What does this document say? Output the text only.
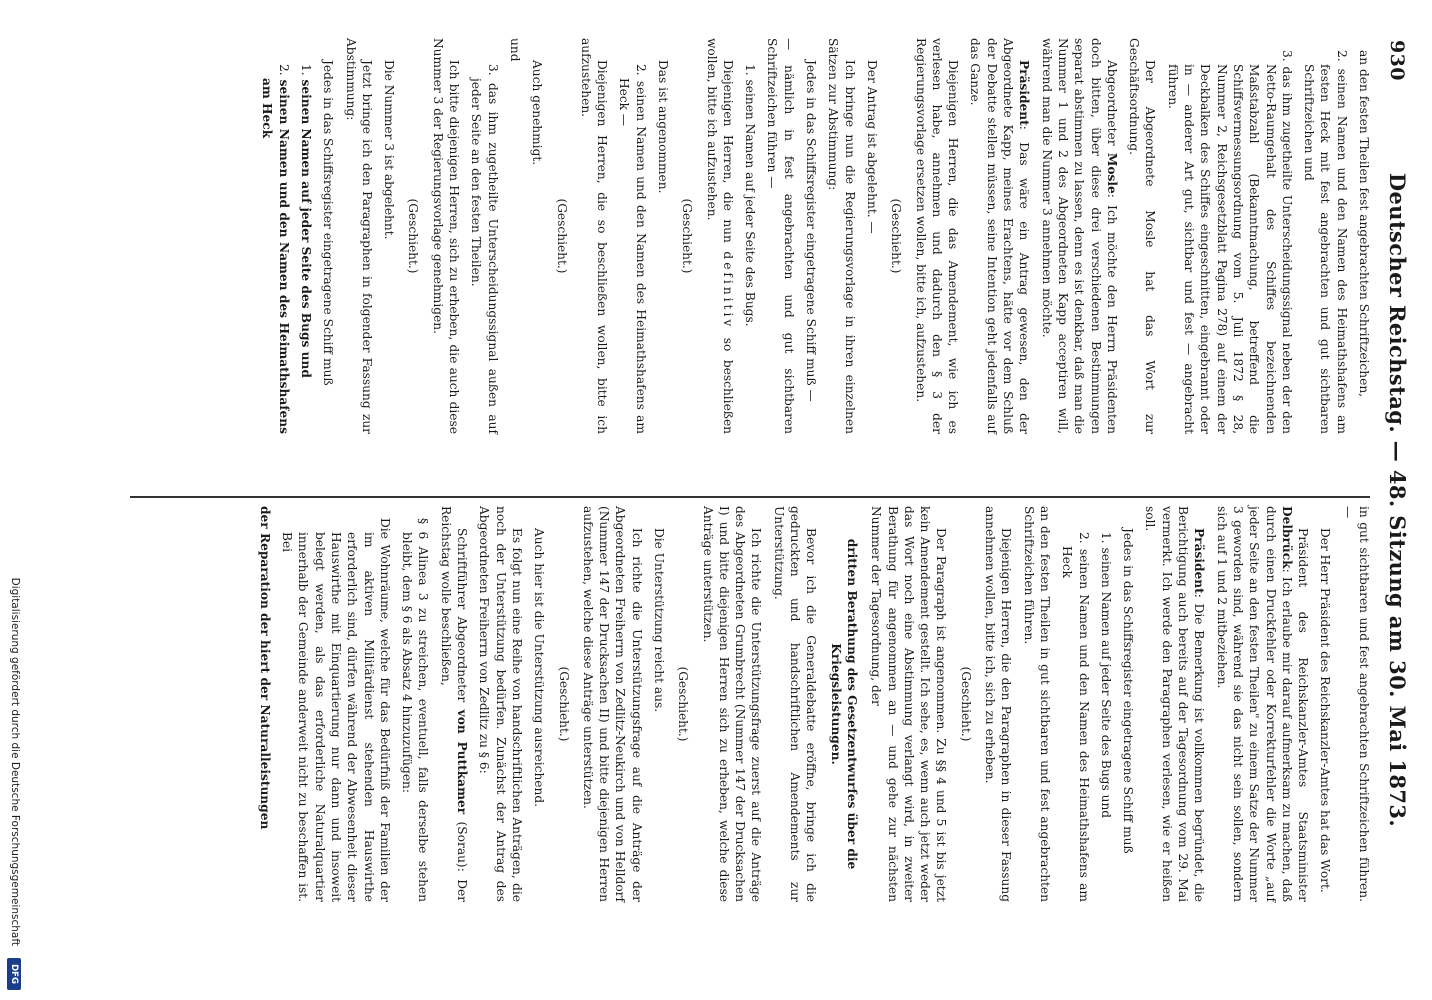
930
Deutscher Reichstag. — 48. Sitzung am 30. Mai 1873.

an den festen Theilen fest angebrachten Schriftzeichen,

2. seinen Namen und den Namen des Heimathshafens am festen Heck mit fest angebrachten und gut sichtbaren Schriftzeichen und

3. das ihm zugetheilte Unterscheidungssignal neben der den Netto-Raumgehalt des Schiffes bezeichnenden Maßstabzahl (Bekanntmachung, betreffend die Schiffsvermessungsordnung vom 5. Juli 1872 § 28, Nummer 2, Reichsgesetzblatt Pagina 278) auf einem der Deckbalken des Schiffes eingeschnitten, eingebrannt oder in — anderer Art gut, sichtbar und fest — angebracht führen.

Der Abgeordnete Mosle hat das Wort zur Geschäftsordnung.

Abgeordneter Mosle: Ich möchte den Herrn Präsidenten doch bitten, über diese drei verschiedenen Bestimmungen separat abstimmen zu lassen, denn es ist denkbar, daß man die Nummer 1 und 2 des Abgeordneten Kapp acceptiren will, während man die Nummer 3 annehmen möchte.

Präsident: Das wäre ein Antrag gewesen, den der Abgeordnete Kapp, meines Erachtens, hätte vor dem Schluß der Debatte stellen müssen, seine Intention geht jedenfalls auf das Ganze.

Diejenigen Herren, die das Amendement, wie ich es verlesen habe, annehmen und dadurch den § 3 der Regierungsvorlage ersetzen wollen, bitte ich, aufzustehen.

(Geschieht.)

Der Antrag ist abgelehnt. —

Ich bringe nun die Regierungsvorlage in ihren einzelnen Sätzen zur Abstimmung:

Jedes in das Schiffsregister eingetragene Schiff muß —

— nämlich in fest angebrachten und gut sichtbaren Schriftzeichen führen —

1. seinen Namen auf jeder Seite des Bugs.

Diejenigen Herren, die nun definitiv so beschließen wollen, bitte ich aufzustehen.

(Geschieht.)

Das ist angenommen.

2. seinen Namen und den Namen des Heimathshafens am Heck —

Diejenigen Herren, die so beschließen wollen, bitte ich aufzustehen.

(Geschieht.)

Auch genehmigt.

und

3. das ihm zugetheilte Unterscheidungssignal außen auf jeder Seite an den festen Theilen.

Ich bitte diejenigen Herren, sich zu erheben, die auch diese Nummer 3 der Regierungsvorlage genehmigen.

(Geschieht.)

Die Nummer 3 ist abgelehnt.

Jetzt bringe ich den Paragraphen in folgender Fassung zur Abstimmung:

Jedes in das Schiffsregister eingetragene Schiff muß

1. seinen Namen auf jeder Seite des Bugs und

2. seinen Namen und den Namen des Heimathshafens am Heck

in gut sichtbaren und fest angebrachten Schriftzeichen führen. —

Der Herr Präsident des Reichskanzler-Amtes hat das Wort.

Präsident des Reichskanzler-Amtes Staatsminister Delbrück: Ich erlaube mir darauf aufmerksam zu machen, daß durch einen Druckfehler oder Korrekturfehler die Worte „auf jeder Seite an den festen Theilen" zu einem Satze der Nummer 3 geworden sind, während sie das nicht sein sollen, sondern sich auf 1 und 2 mitbeziehen.

Präsident: Die Bemerkung ist vollkommen begründet, die Berichtigung auch bereits auf der Tagesordnung vom 29. Mai vermerkt. Ich werde den Paragraphen verlesen, wie er heißen soll.

Jedes in das Schiffsregister eingetragene Schiff muß

1. seinen Namen auf jeder Seite des Bugs und

2. seinen Namen und den Namen des Heimathshafens am Heck

an den festen Theilen in gut sichtbaren und fest angebrachten Schriftzeichen führen.

Diejenigen Herren, die den Paragraphen in dieser Fassung annehmen wollen, bitte ich, sich zu erheben.

(Geschieht.)

Der Paragraph ist angenommen. Zu §§ 4 und 5 ist bis jetzt kein Amendement gestellt. Ich sehe, es, wenn auch jetzt weder das Wort noch eine Abstimmung verlangt wird, in zweiter Berathung für angenommen an — und gehe zur nächsten Nummer der Tagesordnung, der

dritten Berathung des Gesetzentwurfes über die Kriegsleistungen.

Bevor ich die Generaldebatte eröffne, bringe ich die gedruckten und handschriftlichen Amendements zur Unterstützung.

Ich richte die Unterstützungsfrage zuerst auf die Anträge des Abgeordneten Grumbrecht (Nummer 147 der Drucksachen I) und bitte diejenigen Herren sich zu erheben, welche diese Anträge unterstützen.

(Geschieht.)

Die Unterstützung reicht aus.

Ich richte die Unterstützungsfrage auf die Anträge der Abgeordneten Freiherrn von Zedlitz-Neukirch und von Helldorf (Nummer 147 der Drucksachen II) und bitte diejenigen Herren aufzustehen, welche diese Anträge unterstützen.

(Geschieht.)

Auch hier ist die Unterstützung ausreichend.

Es folgt nun eine Reihe von handschriftlichen Anträgen, die noch der Unterstützung bedürfen. Zunächst der Antrag des Abgeordneten Freiherrn von Zedlitz zu § 6:

Schriftführer Abgeordneter von Puttkamer (Sorau): Der Reichstag wolle beschließen,

§ 6 Alinea 3 zu streichen, eventuell, falls derselbe stehen bleibt, dem § 6 als Absatz 4 hinzuzufügen:

Die Wohnräume, welche für das Bedürfniß der Familien der im aktiven Militärdienst stehenden Hauswirthe erforderlich sind, dürfen während der Abwesenheit dieser Hauswirthe mit Einquartierung nur dann und insoweit belegt werden, als das erforderliche Naturalquartier innerhalb der Gemeinde anderweit nicht zu beschaffen ist. Bei

der Reparation der hiert der Naturalleistungen

Digitalisierung gefördert durch die Deutsche Forschungsgemeinschaft
DFG
